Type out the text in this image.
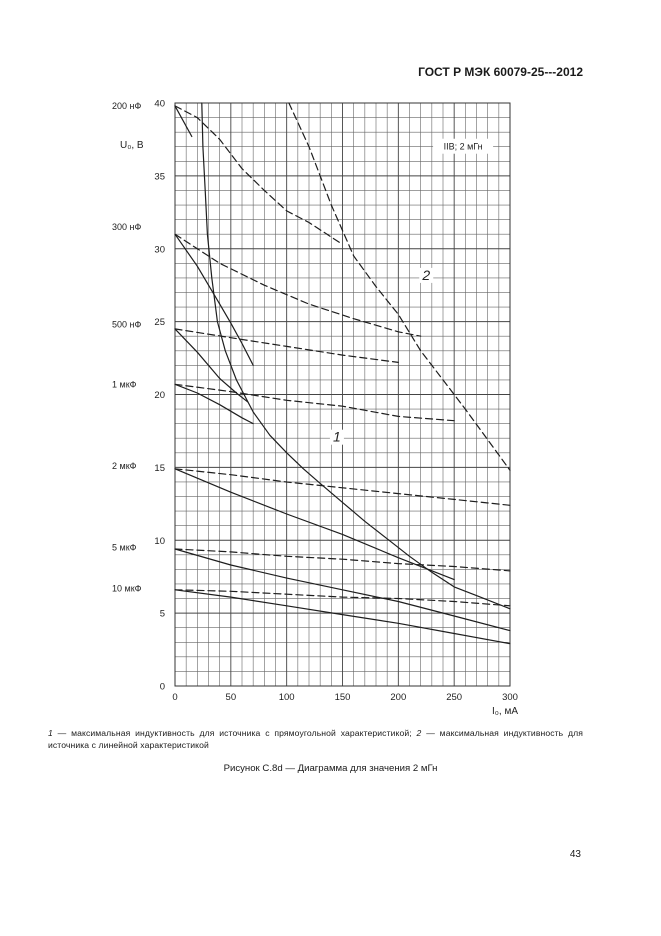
ГОСТ Р МЭК 60079-25---2012
0	50	100	150	200	250	300
0
5
10
15
20
25
30
35
40
200 нФ
300 нФ
500 нФ
1 мкФ
2 мкФ
5 мкФ
10 мкФ
U₀, В
I₀, мА
IIB; 2 мГн
1
2
1 — максимальная индуктивность для источника с прямоугольной характеристикой; 2 — максимальная индуктивность для источника с линейной характеристикой
Рисунок С.8d — Диаграмма для значения 2 мГн
43
